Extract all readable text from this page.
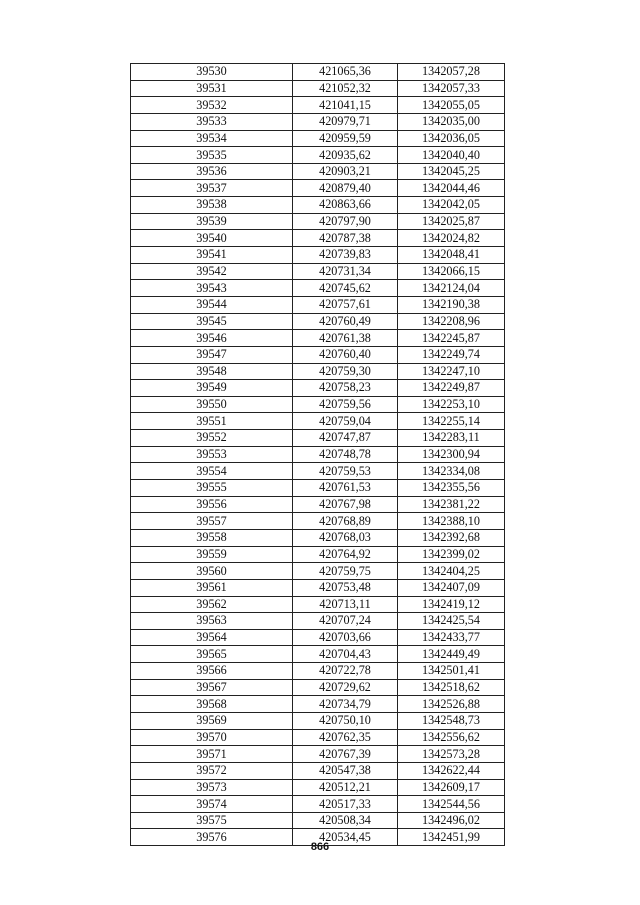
39530	421065,36	1342057,28
39531	421052,32	1342057,33
39532	421041,15	1342055,05
39533	420979,71	1342035,00
39534	420959,59	1342036,05
39535	420935,62	1342040,40
39536	420903,21	1342045,25
39537	420879,40	1342044,46
39538	420863,66	1342042,05
39539	420797,90	1342025,87
39540	420787,38	1342024,82
39541	420739,83	1342048,41
39542	420731,34	1342066,15
39543	420745,62	1342124,04
39544	420757,61	1342190,38
39545	420760,49	1342208,96
39546	420761,38	1342245,87
39547	420760,40	1342249,74
39548	420759,30	1342247,10
39549	420758,23	1342249,87
39550	420759,56	1342253,10
39551	420759,04	1342255,14
39552	420747,87	1342283,11
39553	420748,78	1342300,94
39554	420759,53	1342334,08
39555	420761,53	1342355,56
39556	420767,98	1342381,22
39557	420768,89	1342388,10
39558	420768,03	1342392,68
39559	420764,92	1342399,02
39560	420759,75	1342404,25
39561	420753,48	1342407,09
39562	420713,11	1342419,12
39563	420707,24	1342425,54
39564	420703,66	1342433,77
39565	420704,43	1342449,49
39566	420722,78	1342501,41
39567	420729,62	1342518,62
39568	420734,79	1342526,88
39569	420750,10	1342548,73
39570	420762,35	1342556,62
39571	420767,39	1342573,28
39572	420547,38	1342622,44
39573	420512,21	1342609,17
39574	420517,33	1342544,56
39575	420508,34	1342496,02
39576	420534,45	1342451,99
866
